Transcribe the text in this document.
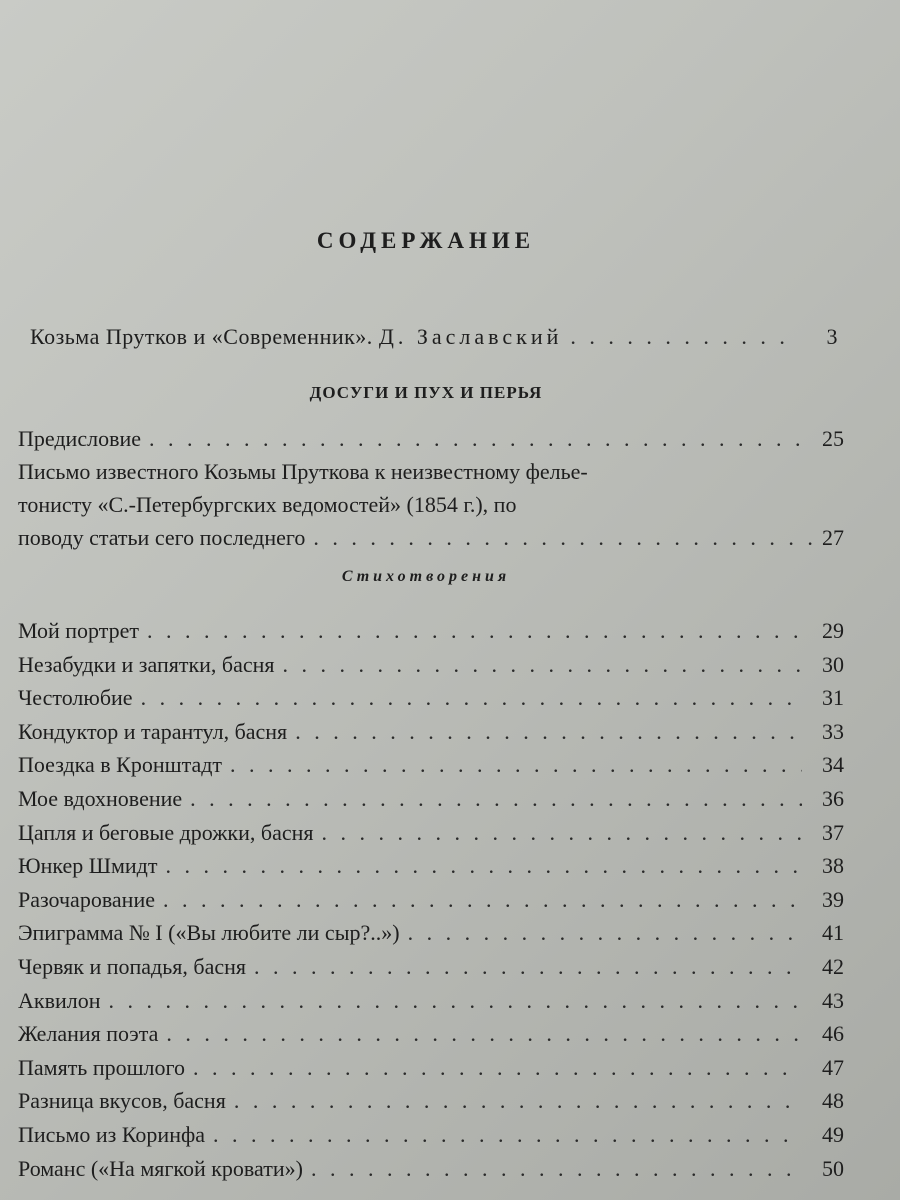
СОДЕРЖАНИЕ
Козьма Прутков и «Современник». Д. Заславский . . .	3
ДОСУГИ И ПУХ И ПЕРЬЯ
Предисловие . . .	25
Письмо известного Козьмы Пруткова к неизвестному фелье-
тонисту «С.-Петербургских ведомостей» (1854 г.), по
поводу статьи сего последнего . . .	27
Стихотворения
Мой портрет . . .	29
Незабудки и запятки, басня . . .	30
Честолюбие . . .	31
Кондуктор и тарантул, басня . . .	33
Поездка в Кронштадт . . .	34
Мое вдохновение . . .	36
Цапля и беговые дрожки, басня . . .	37
Юнкер Шмидт . . .	38
Разочарование . . .	39
Эпиграмма № I («Вы любите ли сыр?..») . . .	41
Червяк и попадья, басня . . .	42
Аквилон . . .	43
Желания поэта . . .	46
Память прошлого . . .	47
Разница вкусов, басня . . .	48
Письмо из Коринфа . . .	49
Романс («На мягкой кровати») . . .	50
